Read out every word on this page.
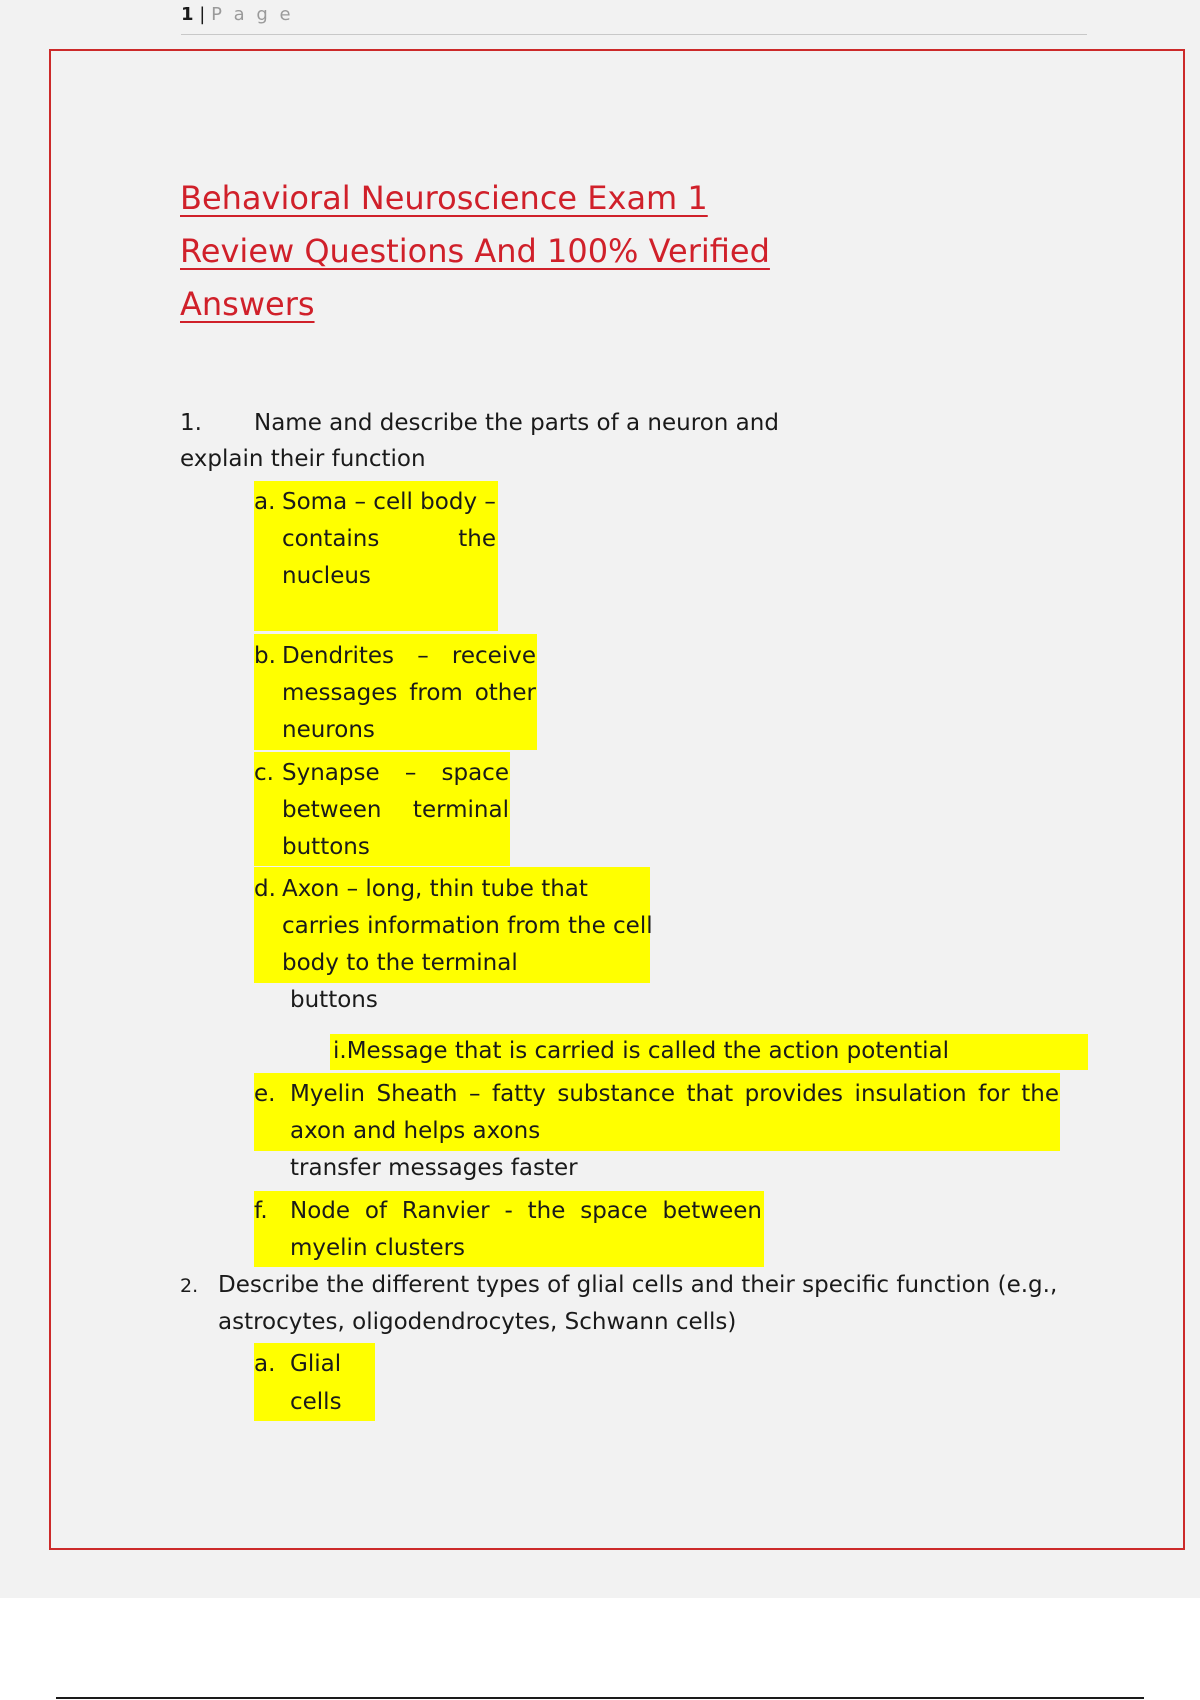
1 | P a g e
Behavioral Neuroscience Exam 1
Review Questions And 100% Verified
Answers
1. Name and describe the parts of a neuron and
explain their function
a. Soma – cell body –
contains	the
nucleus
b. Dendrites – receive
messages from other
neurons
c. Synapse – space
between terminal
buttons
d. Axon – long, thin tube that
carries information from the cell
body to the terminal
buttons
i.Message that is carried is called the action potential
e. Myelin Sheath – fatty substance that provides insulation for the
axon and helps axons
transfer messages faster
f. Node of Ranvier - the space between
myelin clusters
2. Describe the different types of glial cells and their specific function (e.g.,
astrocytes, oligodendrocytes, Schwann cells)
a. Glial
cells
